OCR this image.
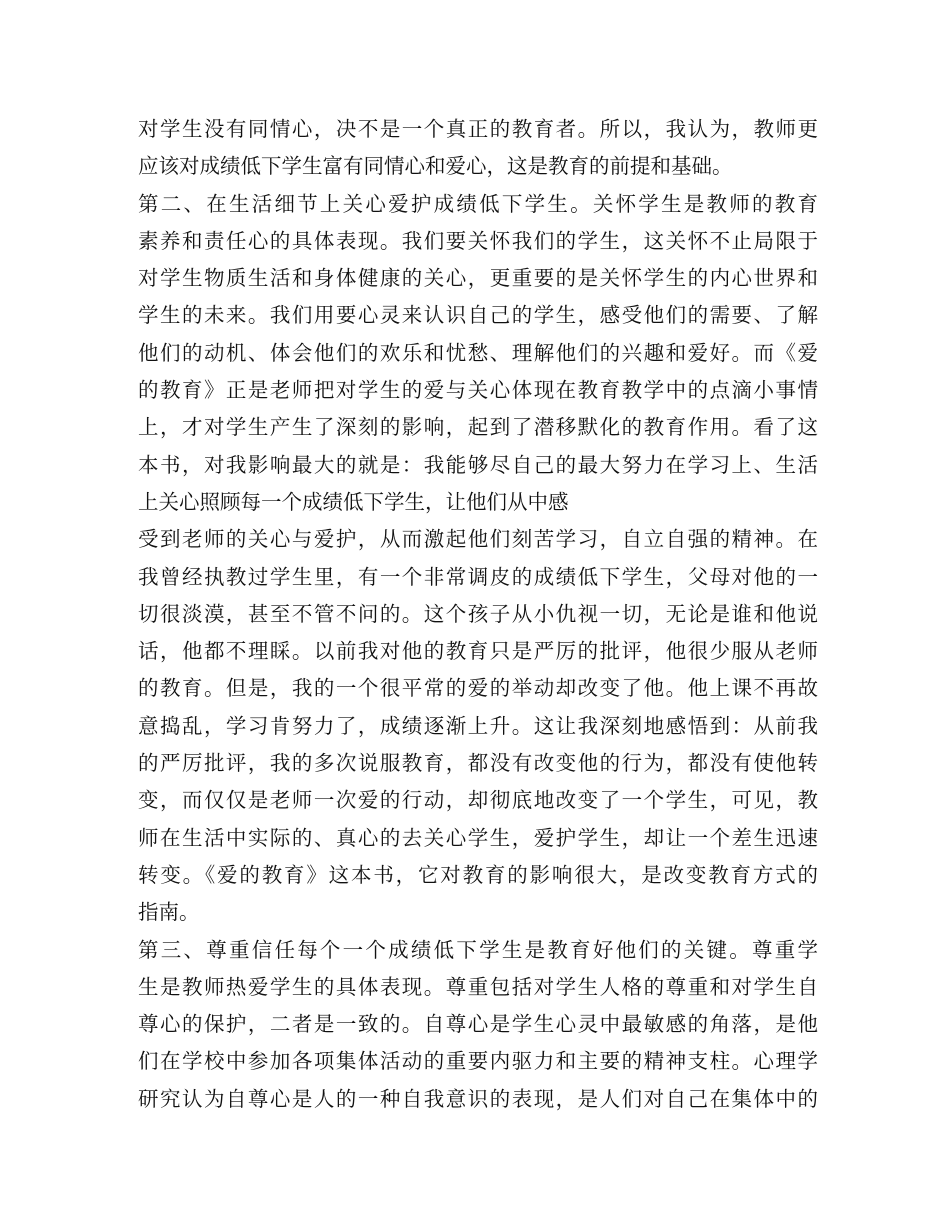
对学生没有同情心，决不是一个真正的教育者。所以，我认为，教师更
应该对成绩低下学生富有同情心和爱心，这是教育的前提和基础。
第二、在生活细节上关心爱护成绩低下学生。关怀学生是教师的教育
素养和责任心的具体表现。我们要关怀我们的学生，这关怀不止局限于
对学生物质生活和身体健康的关心，更重要的是关怀学生的内心世界和
学生的未来。我们用要心灵来认识自己的学生，感受他们的需要、了解
他们的动机、体会他们的欢乐和忧愁、理解他们的兴趣和爱好。而《爱
的教育》正是老师把对学生的爱与关心体现在教育教学中的点滴小事情
上，才对学生产生了深刻的影响，起到了潜移默化的教育作用。看了这
本书，对我影响最大的就是：我能够尽自己的最大努力在学习上、生活
上关心照顾每一个成绩低下学生，让他们从中感
受到老师的关心与爱护，从而激起他们刻苦学习，自立自强的精神。在
我曾经执教过学生里，有一个非常调皮的成绩低下学生，父母对他的一
切很淡漠，甚至不管不问的。这个孩子从小仇视一切，无论是谁和他说
话，他都不理睬。以前我对他的教育只是严厉的批评，他很少服从老师
的教育。但是，我的一个很平常的爱的举动却改变了他。他上课不再故
意捣乱，学习肯努力了，成绩逐渐上升。这让我深刻地感悟到：从前我
的严厉批评，我的多次说服教育，都没有改变他的行为，都没有使他转
变，而仅仅是老师一次爱的行动，却彻底地改变了一个学生，可见，教
师在生活中实际的、真心的去关心学生，爱护学生，却让一个差生迅速
转变。《爱的教育》这本书，它对教育的影响很大，是改变教育方式的
指南。
第三、尊重信任每个一个成绩低下学生是教育好他们的关键。尊重学
生是教师热爱学生的具体表现。尊重包括对学生人格的尊重和对学生自
尊心的保护，二者是一致的。自尊心是学生心灵中最敏感的角落，是他
们在学校中参加各项集体活动的重要内驱力和主要的精神支柱。心理学
研究认为自尊心是人的一种自我意识的表现，是人们对自己在集体中的
